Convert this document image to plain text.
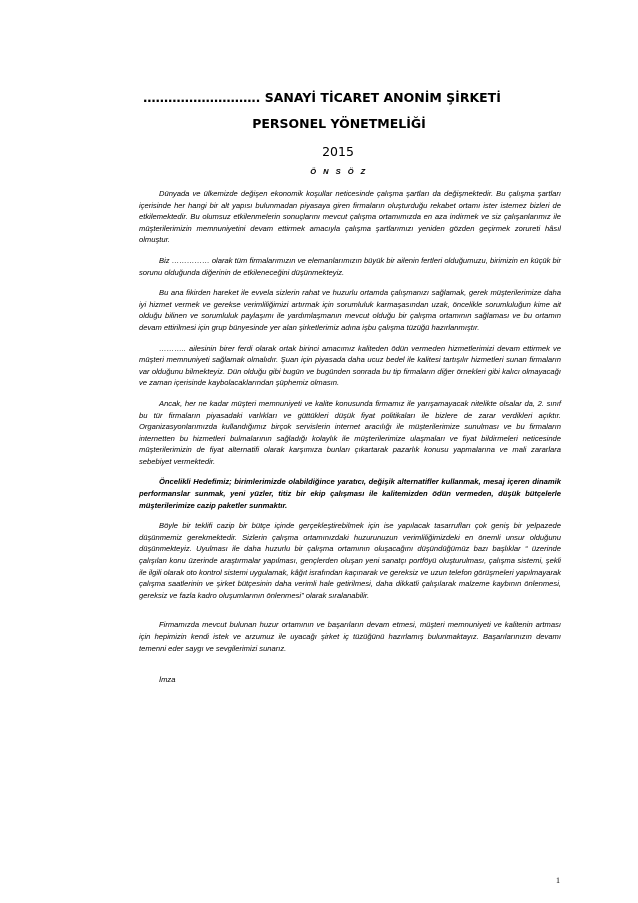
………………………. SANAYİ TİCARET ANONİM ŞİRKETİ
PERSONEL YÖNETMELİĞİ
2015
Ö N S Ö Z

Dünyada ve ülkemizde değişen ekonomik koşullar neticesinde çalışma şartları da değişmektedir. Bu çalışma şartları içerisinde her hangi bir alt yapısı bulunmadan piyasaya giren firmaların oluşturduğu rekabet ortamı ister istemez bizleri de etkilemektedir. Bu olumsuz etkilenmelerin sonuçlarını mevcut çalışma ortamımızda en aza indirmek ve siz çalışanlarımız ile müşterilerimizin memnuniyetini devam ettirmek amacıyla çalışma şartlarımızı yeniden gözden geçirmek zorureti hâsıl olmuştur.

Biz …………… olarak tüm firmalarımızın ve elemanlarımızın büyük bir ailenin fertleri olduğumuzu, birimizin en küçük bir sorunu olduğunda diğerinin de etkileneceğini düşünmekteyiz.

Bu ana fikirden hareket ile evvela sizlerin rahat ve huzurlu ortamda çalışmanızı sağlamak, gerek müşterilerimize daha iyi hizmet vermek ve gerekse verimliliğimizi artırmak için sorumluluk karmaşasından uzak, öncelikle sorumluluğun kime ait olduğu bilinen ve sorumluluk paylaşımı ile yardımlaşmanın mevcut olduğu bir çalışma ortamının sağlaması ve bu ortamın devam ettirilmesi için grup bünyesinde yer alan şirketlerimiz adına işbu çalışma tüzüğü hazırlanmıştır.

……….. ailesinin birer ferdi olarak ortak birinci amacımız kaliteden ödün vermeden hizmetlerimizi devam ettirmek ve müşteri memnuniyeti sağlamak olmalıdır. Şuan için piyasada daha ucuz bedel ile kalitesi tartışılır hizmetleri sunan firmaların var olduğunu bilmekteyiz. Dün olduğu gibi bugün ve bugünden sonrada bu tip firmaların diğer örnekleri gibi kalıcı olmayacağı ve zaman içerisinde kaybolacaklarından şüphemiz olmasın.

Ancak, her ne kadar müşteri memnuniyeti ve kalite konusunda firmamız ile yarışamayacak nitelikte olsalar da, 2. sınıf bu tür firmaların piyasadaki varlıkları ve güttükleri düşük fiyat politikaları ile bizlere de zarar verdikleri açıktır. Organizasyonlarımızda kullandığımız birçok servislerin internet aracılığı ile müşterilerimize sunulması ve bu firmaların internetten bu hizmetleri bulmalarının sağladığı kolaylık ile müşterilerimize ulaşmaları ve fiyat bildirmeleri neticesinde müşterilerimizin de fiyat alternatifi olarak karşımıza bunları çıkartarak pazarlık konusu yapmalarına ve mali zararlara sebebiyet vermektedir.

Öncelikli Hedefimiz; birimlerimizde olabildiğince yaratıcı, değişik alternatifler kullanmak, mesaj içeren dinamik performanslar sunmak, yeni yüzler, titiz bir ekip çalışması ile kalitemizden ödün vermeden, düşük bütçelerle müşterilerimize cazip paketler sunmaktır.

Böyle bir teklifi cazip bir bütçe içinde gerçekleştirebilmek için ise yapılacak tasarrufları çok geniş bir yelpazede düşünmemiz gerekmektedir. Sizlerin çalışma ortamınızdaki huzurunuzun verimliliğimizdeki en önemli unsur olduğunu düşünmekteyiz. Uyulması ile daha huzurlu bir çalışma ortamının oluşacağını düşündüğümüz bazı başlıklar “ üzerinde çalışılan konu üzerinde araştırmalar yapılması, gençlerden oluşan yeni sanatçı portföyü oluşturulması, çalışma sistemi, şekli ile ilgili olarak oto kontrol sistemi uygulamak, kâğıt israfından kaçınarak ve gereksiz ve uzun telefon görüşmeleri yapılmayarak çalışma saatlerinin ve şirket bütçesinin daha verimli hale getirilmesi, daha dikkatli çalışılarak malzeme kaybının önlenmesi, gereksiz ve fazla kadro oluşumlarının önlenmesi” olarak sıralanabilir.

Firmamızda mevcut bulunan huzur ortamının ve başarıların devam etmesi, müşteri memnuniyeti ve kalitenin artması için hepimizin kendi istek ve arzumuz ile uyacağı şirket iç tüzüğünü hazırlamış bulunmaktayız. Başarılarınızın devamı temenni eder saygı ve sevgilerimizi sunarız.

İmza

1
